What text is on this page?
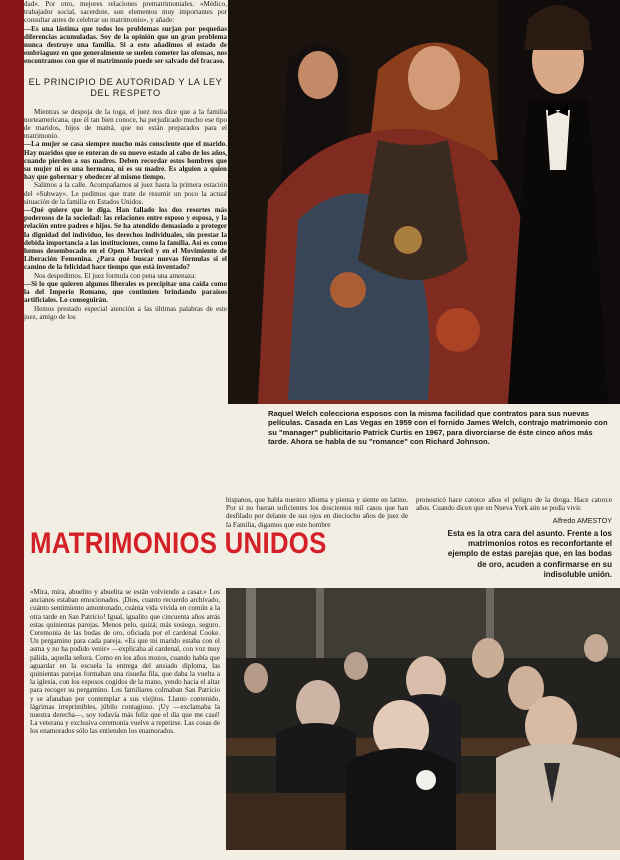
dad». Por otro, mejores relaciones prematrimoniales. «Médico, trabajador social, sacerdote, son elementos muy importantes por consultar antes de celebrar un matrimonio», y añade:

—Es una lástima que todos los problemas surjan por pequeñas diferencias acumuladas. Soy de la opinión que un gran problema nunca destruye una familia. Si a esto añadimos el estado de embriaguez en que generalmente se suelen cometer las ofensas, nos encontramos con que el matrimonio puede ser salvado del fracaso.

EL PRINCIPIO DE AUTORIDAD Y LA LEY DEL RESPETO

Mientras se despoja de la toga, el juez nos dice que a la familia norteamericana, que él tan bien conoce, ha perjudicado mucho ese tipo de maridos, hijos de mamá, que no están preparados para el matrimonio.

—La mujer se casa siempre mucho más consciente que el marido. Hay maridos que se enteran de su nuevo estado al cabo de los años, cuando pierden a sus madres. Deben recordar estos hombres que su mujer ni es una hermana, ni es su madre. Es alguien a quien hay que gobernar y obedecer al mismo tiempo.

Salimos a la calle. Acompañamos al juez hasta la primera estación del «Subway». Le pedimos que trate de resumir un poco la actual situación de la familia en Estados Unidos.

—Qué quiere que le diga. Han fallado los dos resortes más poderosos de la sociedad: las relaciones entre esposo y esposa, y la relación entre padres e hijos. Se ha atendido demasiado a proteger la dignidad del individuo, los derechos individuales, sin prestar la debida importancia a las instituciones, como la familia. Así es como hemos desembocado en el Open Married y en el Movimiento de Liberación Femenina. ¿Para qué buscar nuevas fórmulas si el camino de la felicidad hace tiempo que está inventado?

Nos despedimos. El juez formula con pena una amenaza:

—Si lo que quieren algunos liberales es precipitar una caída como la del Imperio Romano, que continúen brindando paraísos artificiales. Lo conseguirán.

Hemos prestado especial atención a las últimas palabras de este juez, amigo de los

Raquel Welch colecciona esposos con la misma facilidad que contratos para sus nuevas películas. Casada en Las Vegas en 1959 con el fornido James Welch, contrajo matrimonio con su "manager" publicitario Patrick Curtis en 1967, para divorciarse de éste cinco años más tarde. Ahora se habla de su "romance" con Richard Johnson.

hispanos, que habla nuestro idioma y piensa y siente en latino. Por si no fueran suficientes los doscientos mil casos que han desfilado por delante de sus ojos en dieciocho años de juez de la Familia, digamos que este hombre

pronosticó hace catorce años el peligro de la droga. Hace catorce años. Cuando dicen que en Nueva York aún se podía vivir.

Alfredo AMESTOY
MATRIMONIOS UNIDOS	Esta es la otra cara del asunto. Frente a los matrimonios rotos es reconfortante el ejemplo de estas parejas que, en las bodas de oro, acuden a confirmarse en su indisoluble unión.

«Mira, mira, abuelito y abuelita se están volviendo a casar.» Los ancianos estaban emocionados. ¡Dios, cuanto recuerdo archivado, cuánto sentimiento amontonado, cuánta vida vivida en común a la otra tarde en San Patricio! Igual, igualito que cincuenta años atrás estas quinientas parejas. Menos pelo, quizá; más sosiego, seguro. Ceremonia de las bodas de oro, oficiada por el cardenal Cooke. Un pergamino para cada pareja. «Es que mi marido estaba con el asma y no ha podido venir» —explicaba al cardenal, con voz muy pálida, aquella señora. Como en los años mozos, cuando había que aguardar en la escuela la entrega del ansiado diploma, las quinientas parejas formaban una risueña fila, que daba la vuelta a la iglesia, con los esposos cogidos de la mano, yendo hacia el altar para recoger su pergamino. Los familiares colmaban San Patricio y se afanaban por contemplar a sus viejitos. Llanto contenido, lágrimas irreprimibles, júbilo contagioso. ¡Uy —exclamaba la nuestra derecha—, soy todavía más feliz que el día que me casé! La veterana y exclusiva ceremonia vuelve a repetirse. Las cosas de los enamorados sólo las entienden los enamorados.
